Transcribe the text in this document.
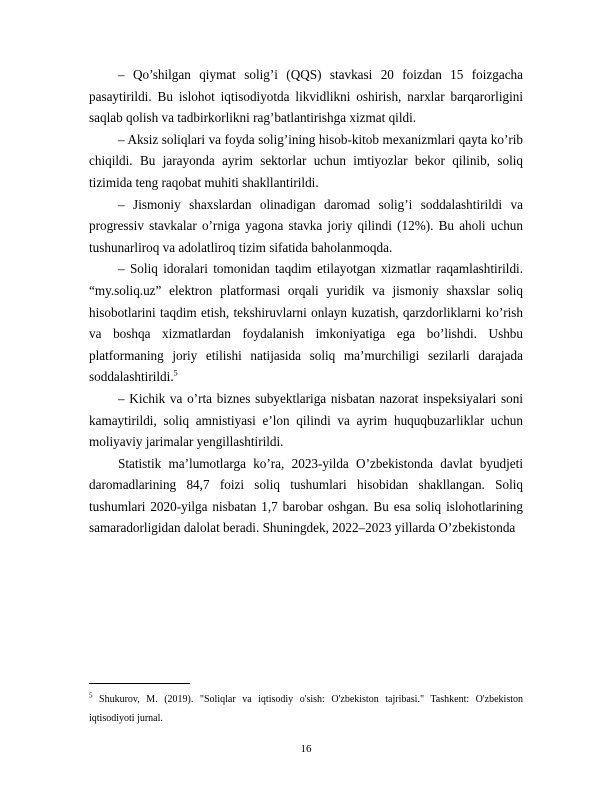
– Qo’shilgan qiymat solig’i (QQS) stavkasi 20 foizdan 15 foizgacha pasaytirildi. Bu islohot iqtisodiyotda likvidlikni oshirish, narxlar barqarorligini saqlab qolish va tadbirkorlikni rag’batlantirishga xizmat qildi.

– Aksiz soliqlari va foyda solig’ining hisob-kitob mexanizmlari qayta ko’rib chiqildi. Bu jarayonda ayrim sektorlar uchun imtiyozlar bekor qilinib, soliq tizimida teng raqobat muhiti shakllantirildi.

– Jismoniy shaxslardan olinadigan daromad solig’i soddalashtirildi va progressiv stavkalar o’rniga yagona stavka joriy qilindi (12%). Bu aholi uchun tushunarliroq va adolatliroq tizim sifatida baholanmoqda.

– Soliq idoralari tomonidan taqdim etilayotgan xizmatlar raqamlashtirildi. “my.soliq.uz” elektron platformasi orqali yuridik va jismoniy shaxslar soliq hisobotlarini taqdim etish, tekshiruvlarni onlayn kuzatish, qarzdorliklarni ko’rish va boshqa xizmatlardan foydalanish imkoniyatiga ega bo’lishdi. Ushbu platformaning joriy etilishi natijasida soliq ma’murchiligi sezilarli darajada soddalashtirildi.$^5$

– Kichik va o’rta biznes subyektlariga nisbatan nazorat inspeksiyalari soni kamaytirildi, soliq amnistiyasi e’lon qilindi va ayrim huquqbuzarliklar uchun moliyaviy jarimalar yengillashtirildi.

Statistik ma’lumotlarga ko’ra, 2023-yilda O’zbekistonda davlat byudjeti daromadlarining 84,7 foizi soliq tushumlari hisobidan shakllangan. Soliq tushumlari 2020-yilga nisbatan 1,7 barobar oshgan. Bu esa soliq islohotlarining samaradorligidan dalolat beradi. Shuningdek, 2022–2023 yillarda O’zbekistonda

$^5$ Shukurov, M. (2019). "Soliqlar va iqtisodiy o'sish: O'zbekiston tajribasi." Tashkent: O'zbekiston iqtisodiyoti jurnal.

16
